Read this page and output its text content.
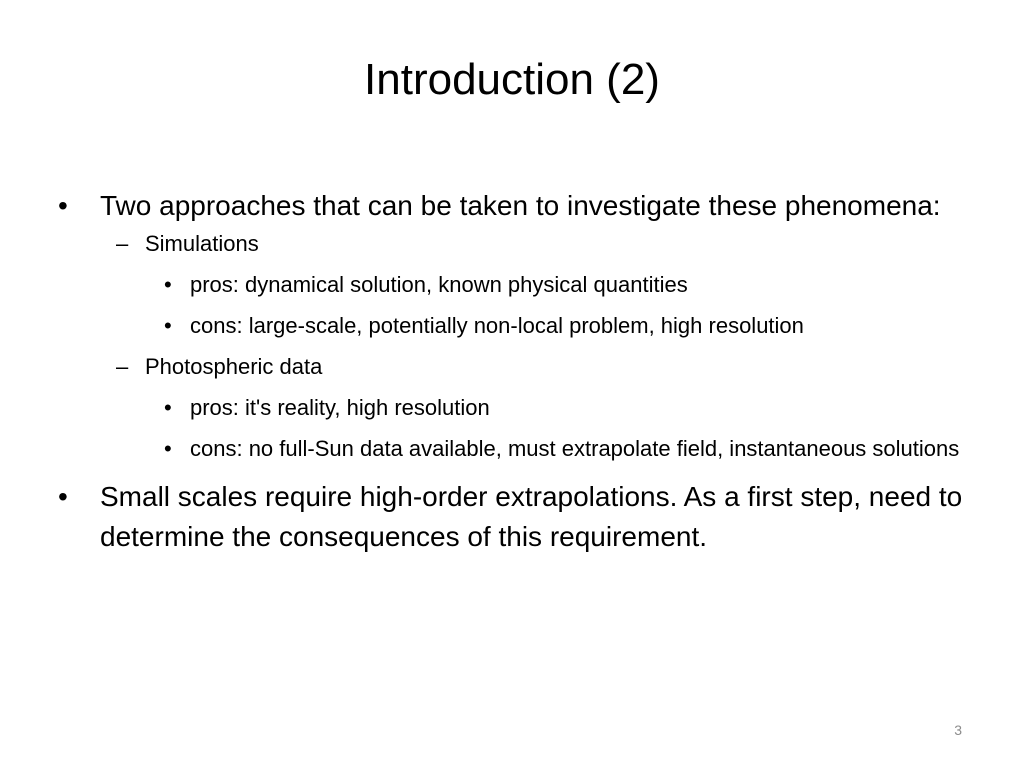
Introduction (2)
•	Two approaches that can be taken to investigate these phenomena:
– Simulations
• pros: dynamical solution, known physical quantities
• cons: large-scale, potentially non-local problem, high resolution
– Photospheric data
• pros: it's reality, high resolution
• cons: no full-Sun data available, must extrapolate field, instantaneous solutions
•	Small scales require high-order extrapolations. As a first step, need to determine the consequences of this requirement.
3
